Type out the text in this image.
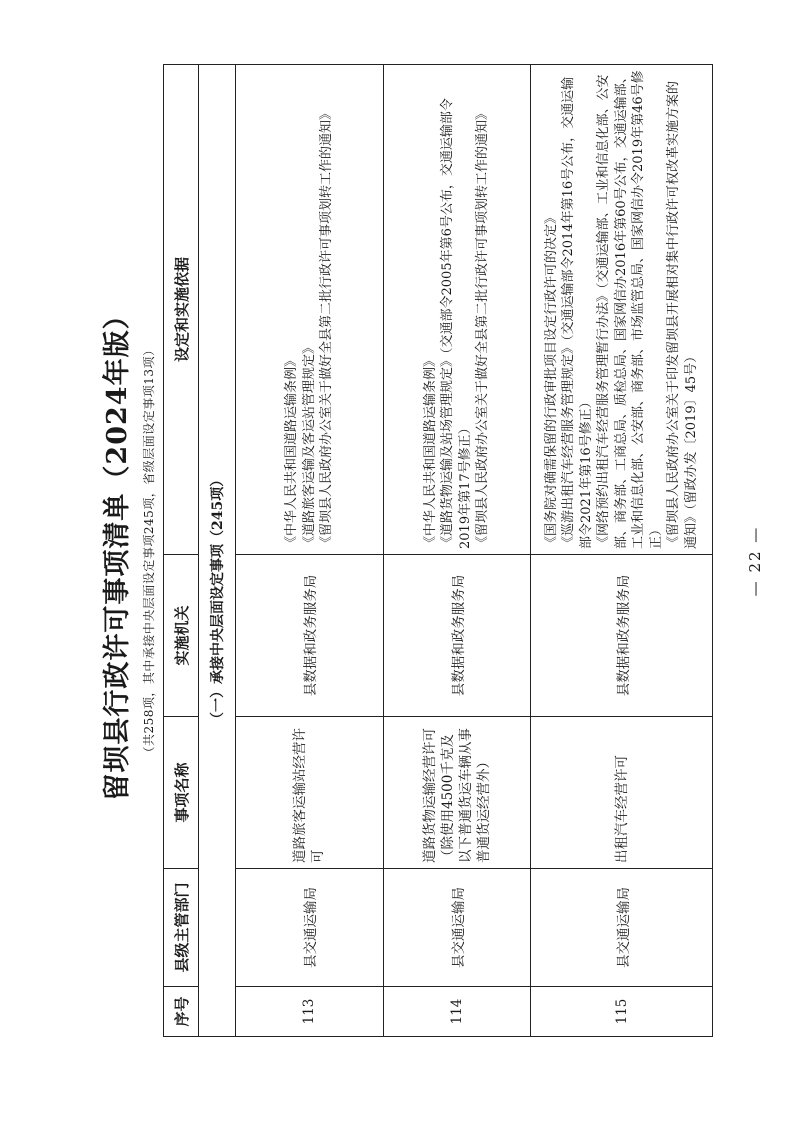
留坝县行政许可事项清单（2024年版） （共258项，其中承接中央层面设定事项245项，省级层面设定事项13项）
序号	县级主管部门	事项名称	实施机关	设定和实施依据
（一）承接中央层面设定事项（245项）				
113	县交通运输局	道路旅客运输站经营许可	县数据和政务服务局	《中华人民共和国道路运输条例》 《道路旅客运输及客运站管理规定》 《留坝县人民政府办公室关于做好全县第二批行政许可事项划转工作的通知》

114	县交通运输局	道路货物运输经营许可（除使用4500千克及以下普通货运车辆从事普通货运经营外）	县数据和政务服务局	《中华人民共和国道路运输条例》 《道路货物运输及站场管理规定》（交通部令2005年第6号公布，交通运输部令2019年第17号修正） 《留坝县人民政府办公室关于做好全县第二批行政许可事项划转工作的通知》

115	县交通运输局	出租汽车经营许可	县数据和政务服务局	《国务院对确需保留的行政审批项目设定行政许可的决定》 《巡游出租汽车经营服务管理规定》（交通运输部令2014年第16号公布，交通运输部令2021年第16号修正） 《网络预约出租汽车经营服务管理暂行办法》（交通运输部、工业和信息化部、公安部、商务部、工商总局、质检总局、国家网信办2016年第60号公布，交通运输部、工业和信息化部、公安部、商务部、市场监管总局、国家网信办令2019年第46号修正） 《留坝县人民政府办公室关于印发留坝县开展相对集中行政许可权改革实施方案的通知》（留政办发〔2019〕45号）
— 22 —
